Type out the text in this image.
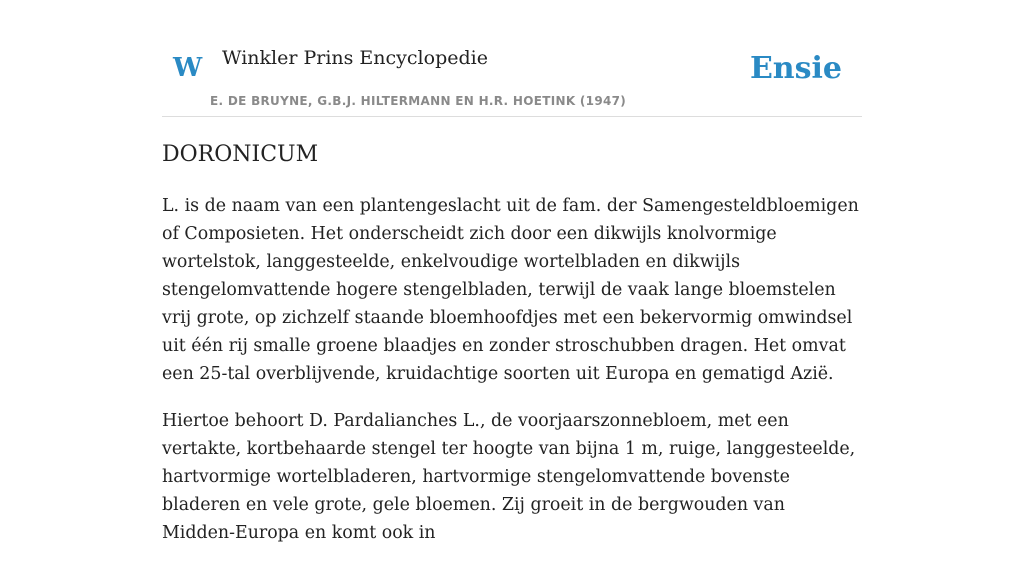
W Winkler Prins Encyclopedie
E. DE BRUYNE, G.B.J. HILTERMANN EN H.R. HOETINK (1947)
Ensie
DORONICUM

L. is de naam van een plantengeslacht uit de fam. der Samengesteldbloemigen of Composieten. Het onderscheidt zich door een dikwijls knolvormige wortelstok, langgesteelde, enkelvoudige wortelbladen en dikwijls stengelomvattende hogere stengelbladen, terwijl de vaak lange bloemstelen vrij grote, op zichzelf staande bloemhoofdjes met een bekervormig omwindsel uit één rij smalle groene blaadjes en zonder stroschubben dragen. Het omvat een 25-tal overblijvende, kruidachtige soorten uit Europa en gematigd Azië.

Hiertoe behoort D. Pardalianches L., de voorjaarszonnebloem, met een vertakte, kortbehaarde stengel ter hoogte van bijna 1 m, ruige, langgesteelde, hartvormige wortelbladeren, hartvormige stengelomvattende bovenste bladeren en vele grote, gele bloemen. Zij groeit in de bergwouden van Midden-Europa en komt ook in
